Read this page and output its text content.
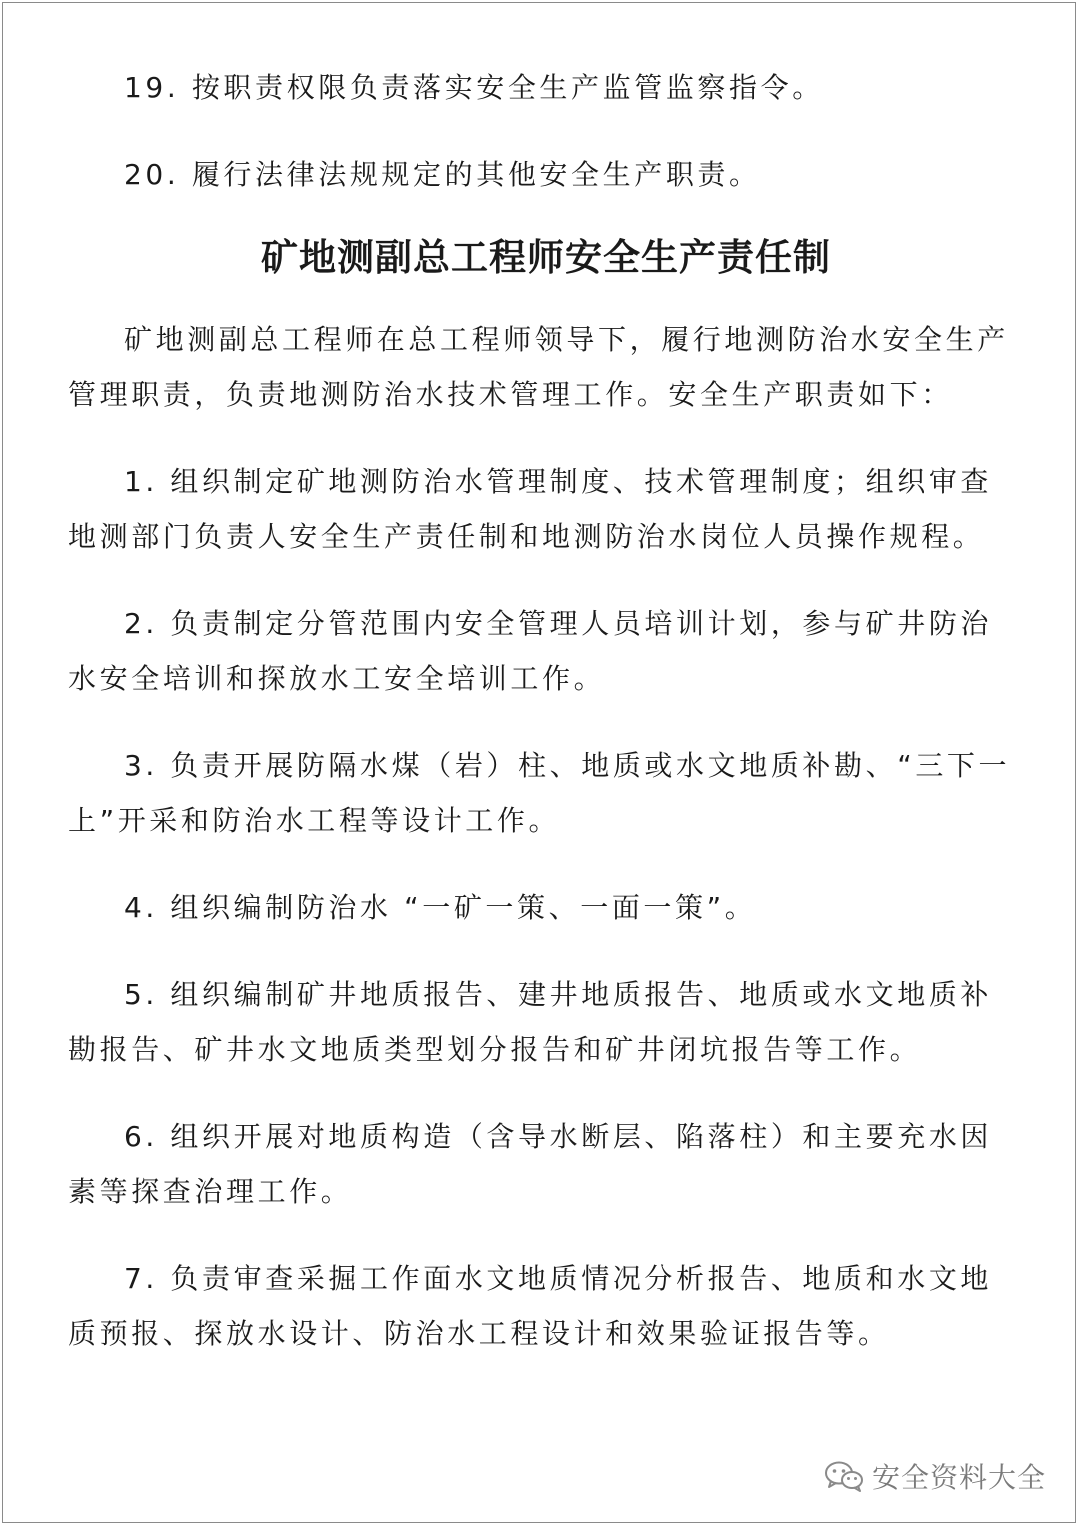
19. 按职责权限负责落实安全生产监管监察指令。

20. 履行法律法规规定的其他安全生产职责。

矿地测副总工程师安全生产责任制

矿地测副总工程师在总工程师领导下，履行地测防治水安全生产管理职责，负责地测防治水技术管理工作。安全生产职责如下：

1. 组织制定矿地测防治水管理制度、技术管理制度；组织审查地测部门负责人安全生产责任制和地测防治水岗位人员操作规程。

2. 负责制定分管范围内安全管理人员培训计划，参与矿井防治水安全培训和探放水工安全培训工作。

3. 负责开展防隔水煤（岩）柱、地质或水文地质补勘、“三下一上”开采和防治水工程等设计工作。

4. 组织编制防治水 “一矿一策、一面一策”。

5. 组织编制矿井地质报告、建井地质报告、地质或水文地质补勘报告、矿井水文地质类型划分报告和矿井闭坑报告等工作。

6. 组织开展对地质构造（含导水断层、陷落柱）和主要充水因素等探查治理工作。

7. 负责审查采掘工作面水文地质情况分析报告、地质和水文地质预报、探放水设计、防治水工程设计和效果验证报告等。

安全资料大全
